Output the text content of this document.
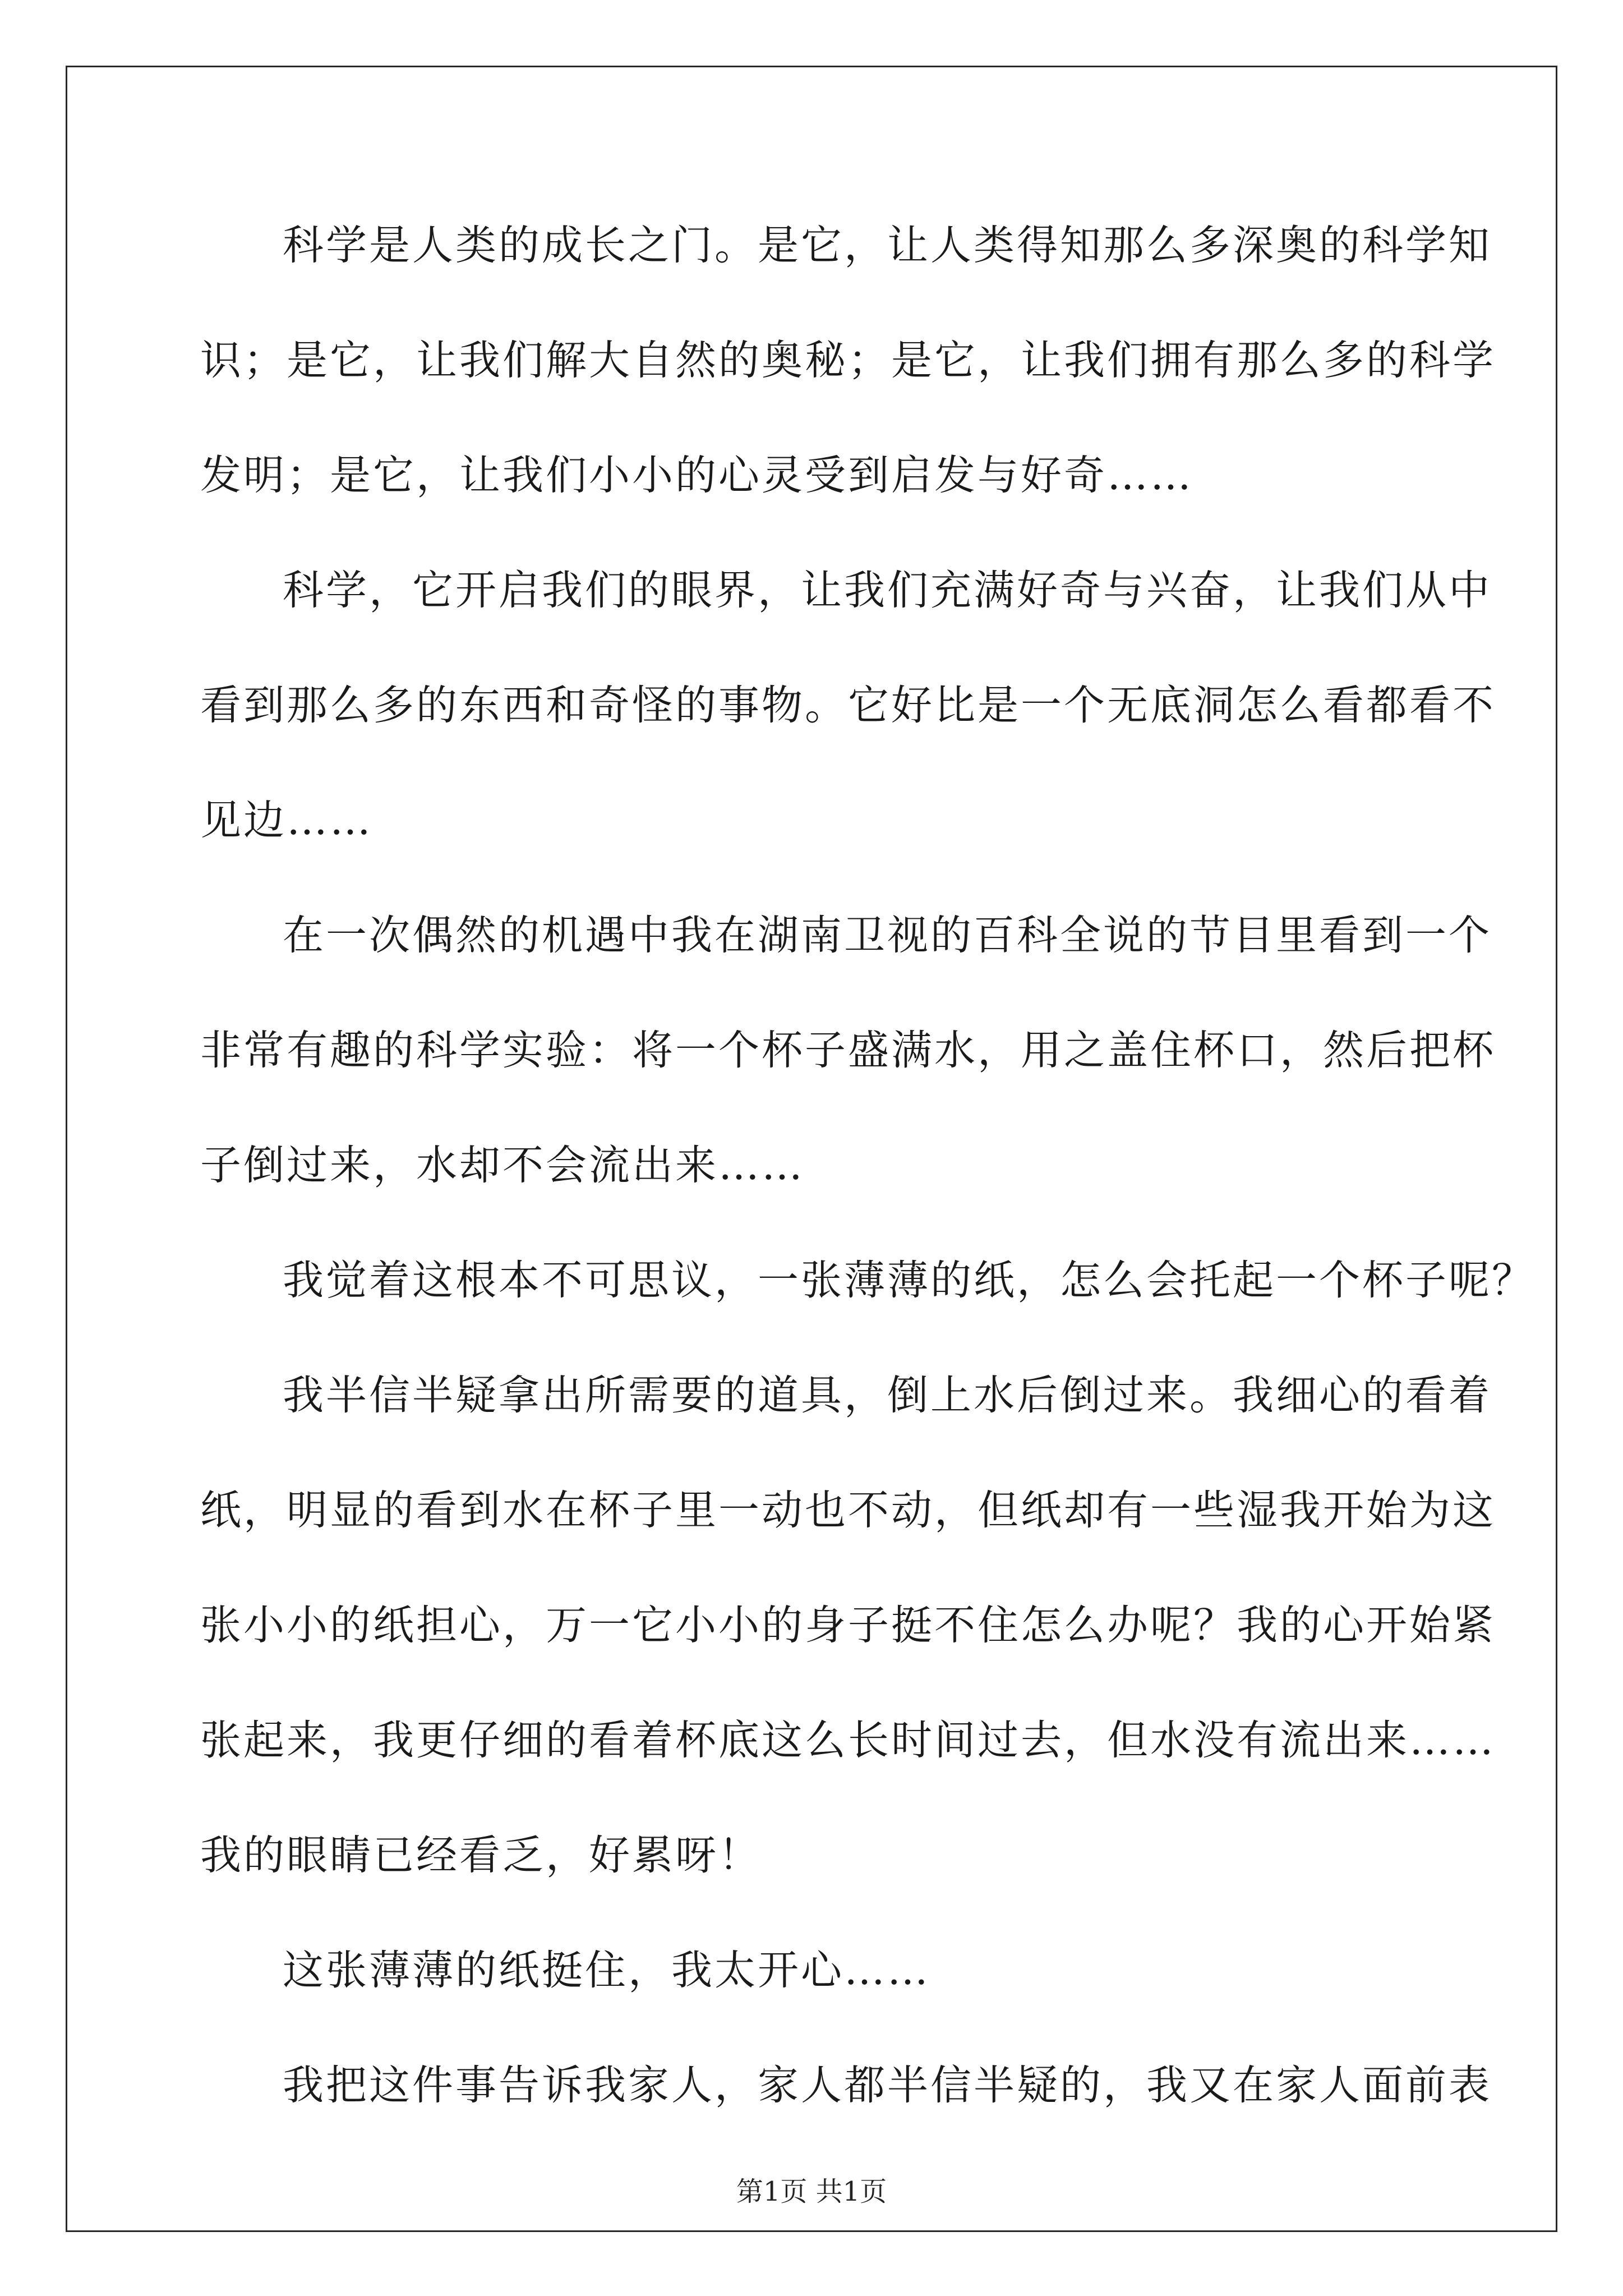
科学是人类的成长之门。是它，让人类得知那么多深奥的科学知
识；是它，让我们解大自然的奥秘；是它，让我们拥有那么多的科学
发明；是它，让我们小小的心灵受到启发与好奇……
科学，它开启我们的眼界，让我们充满好奇与兴奋，让我们从中
看到那么多的东西和奇怪的事物。它好比是一个无底洞怎么看都看不
见边……
在一次偶然的机遇中我在湖南卫视的百科全说的节目里看到一个
非常有趣的科学实验：将一个杯子盛满水，用之盖住杯口，然后把杯
子倒过来，水却不会流出来……
我觉着这根本不可思议，一张薄薄的纸，怎么会托起一个杯子呢？
我半信半疑拿出所需要的道具，倒上水后倒过来。我细心的看着
纸，明显的看到水在杯子里一动也不动，但纸却有一些湿我开始为这
张小小的纸担心，万一它小小的身子挺不住怎么办呢？我的心开始紧
张起来，我更仔细的看着杯底这么长时间过去，但水没有流出来……
我的眼睛已经看乏，好累呀！
这张薄薄的纸挺住，我太开心……
我把这件事告诉我家人，家人都半信半疑的，我又在家人面前表
第1页 共1页
